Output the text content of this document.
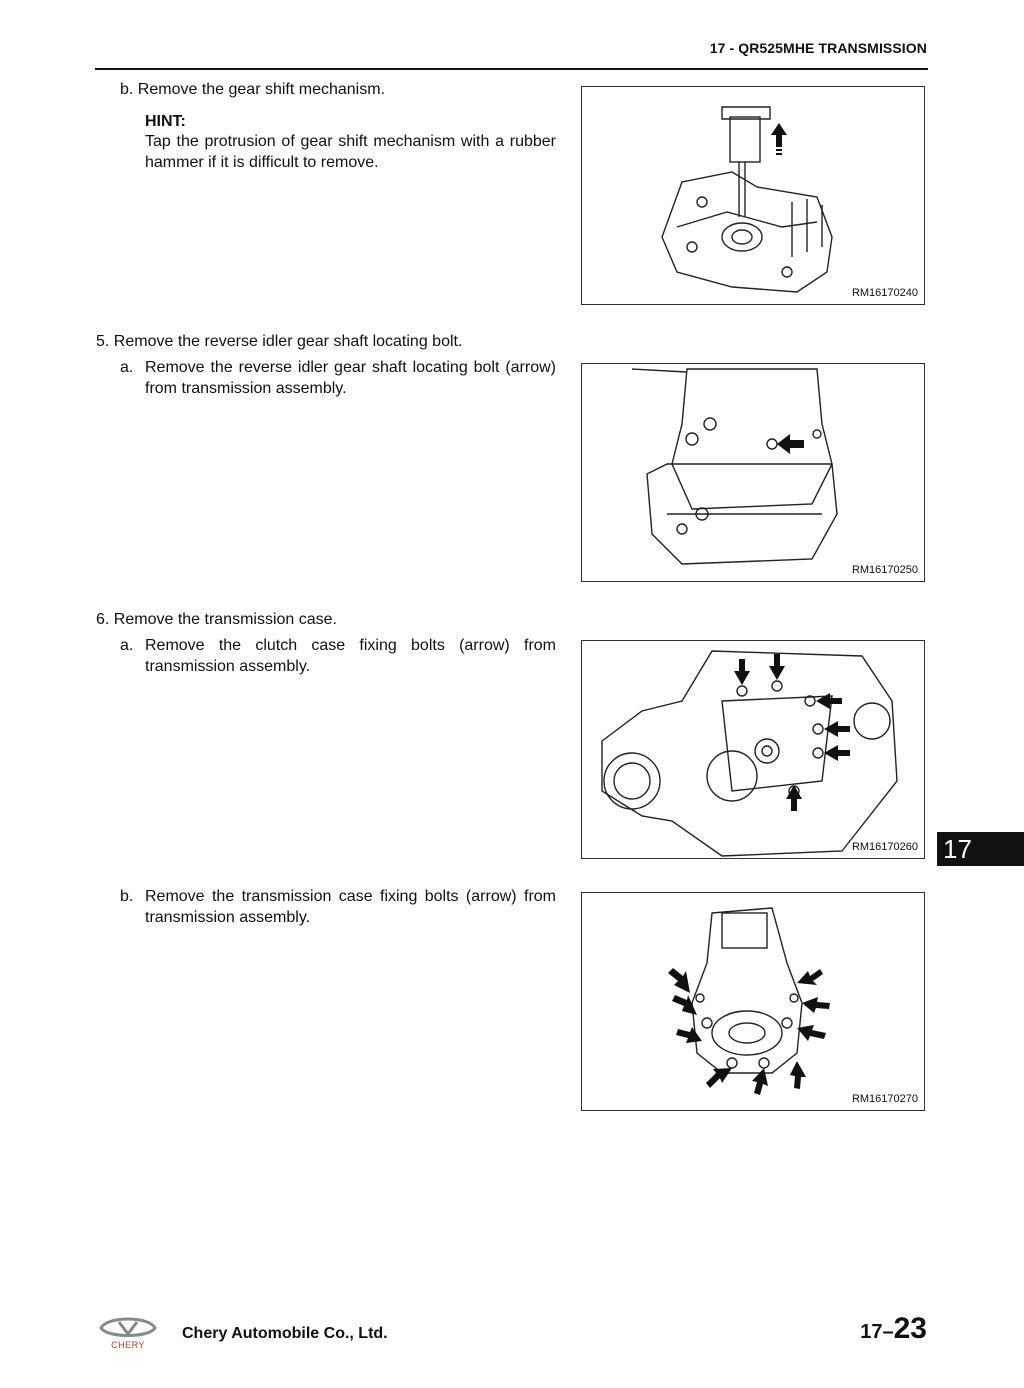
17 - QR525MHE TRANSMISSION
b. Remove the gear shift mechanism.
HINT:
Tap the protrusion of gear shift mechanism with a rubber hammer if it is difficult to remove.
5. Remove the reverse idler gear shaft locating bolt.
a. Remove the reverse idler gear shaft locating bolt (arrow) from transmission assembly.
6. Remove the transmission case.
a. Remove the clutch case fixing bolts (arrow) from transmission assembly.
b. Remove the transmission case fixing bolts (arrow) from transmission assembly.
RM16170240
RM16170250
RM16170260
RM16170270
17
CHERY
Chery Automobile Co., Ltd.	17–23
